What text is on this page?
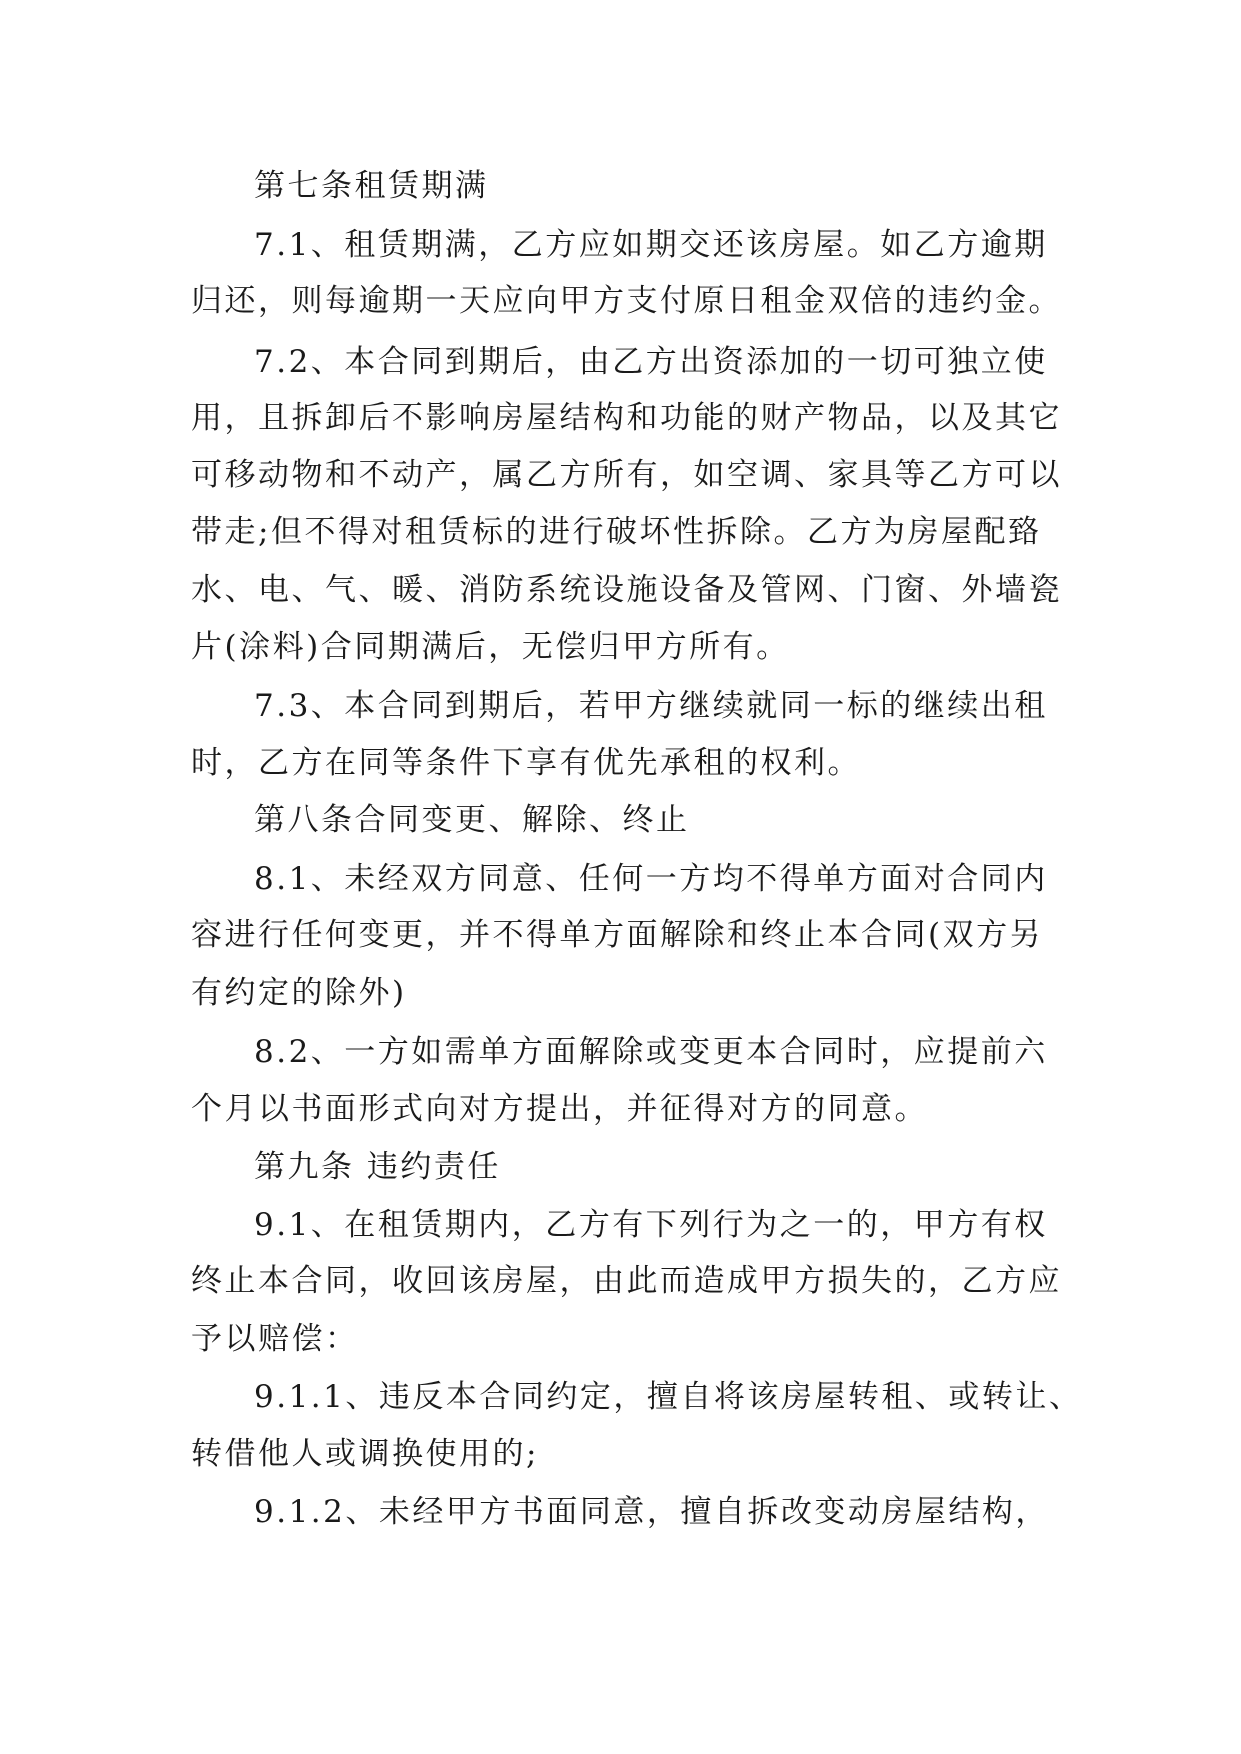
第七条租赁期满
7.1、租赁期满，乙方应如期交还该房屋。如乙方逾期
归还，则每逾期一天应向甲方支付原日租金双倍的违约金。
7.2、本合同到期后，由乙方出资添加的一切可独立使
用，且拆卸后不影响房屋结构和功能的财产物品，以及其它
可移动物和不动产，属乙方所有，如空调、家具等乙方可以
带走;但不得对租赁标的进行破坏性拆除。乙方为房屋配臵
水、电、气、暖、消防系统设施设备及管网、门窗、外墙瓷
片(涂料)合同期满后，无偿归甲方所有。
7.3、本合同到期后，若甲方继续就同一标的继续出租
时，乙方在同等条件下享有优先承租的权利。
第八条合同变更、解除、终止
8.1、未经双方同意、任何一方均不得单方面对合同内
容进行任何变更，并不得单方面解除和终止本合同(双方另
有约定的除外)
8.2、一方如需单方面解除或变更本合同时，应提前六
个月以书面形式向对方提出，并征得对方的同意。
第九条 违约责任
9.1、在租赁期内，乙方有下列行为之一的，甲方有权
终止本合同，收回该房屋，由此而造成甲方损失的，乙方应
予以赔偿：
9.1.1、违反本合同约定，擅自将该房屋转租、或转让、
转借他人或调换使用的;
9.1.2、未经甲方书面同意，擅自拆改变动房屋结构，
